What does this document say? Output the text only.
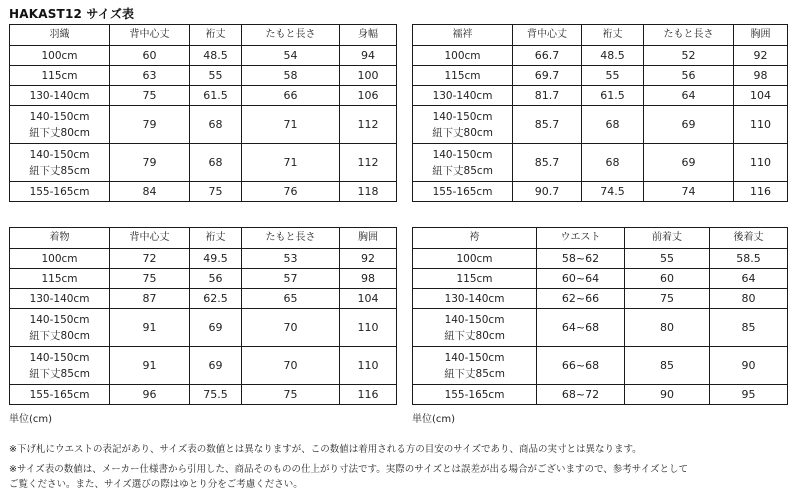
HAKAST12 サイズ表
羽織	背中心丈	裄丈	たもと長さ	身幅
100cm	60	48.5	54	94
115cm	63	55	58	100
130-140cm	75	61.5	66	106
140-150cm
紐下丈80cm	79	68	71	112
140-150cm
紐下丈85cm	79	68	71	112
155-165cm	84	75	76	118
襦袢	背中心丈	裄丈	たもと長さ	胸囲
100cm	66.7	48.5	52	92
115cm	69.7	55	56	98
130-140cm	81.7	61.5	64	104
140-150cm
紐下丈80cm	85.7	68	69	110
140-150cm
紐下丈85cm	85.7	68	69	110
155-165cm	90.7	74.5	74	116
着物	背中心丈	裄丈	たもと長さ	胸囲
100cm	72	49.5	53	92
115cm	75	56	57	98
130-140cm	87	62.5	65	104
140-150cm
紐下丈80cm	91	69	70	110
140-150cm
紐下丈85cm	91	69	70	110
155-165cm	96	75.5	75	116
袴	ウエスト	前着丈	後着丈
100cm	58~62	55	58.5
115cm	60~64	60	64
130-140cm	62~66	75	80
140-150cm
紐下丈80cm	64~68	80	85
140-150cm
紐下丈85cm	66~68	85	90
155-165cm	68~72	90	95
単位(cm)	単位(cm)
※下げ札にウエストの表記があり、サイズ表の数値とは異なりますが、この数値は着用される方の目安のサイズであり、商品の実寸とは異なります。
※サイズ表の数値は、メーカー仕様書から引用した、商品そのものの仕上がり寸法です。実際のサイズとは誤差が出る場合がございますので、参考サイズとして
ご覧ください。また、サイズ選びの際はゆとり分をご考慮ください。
